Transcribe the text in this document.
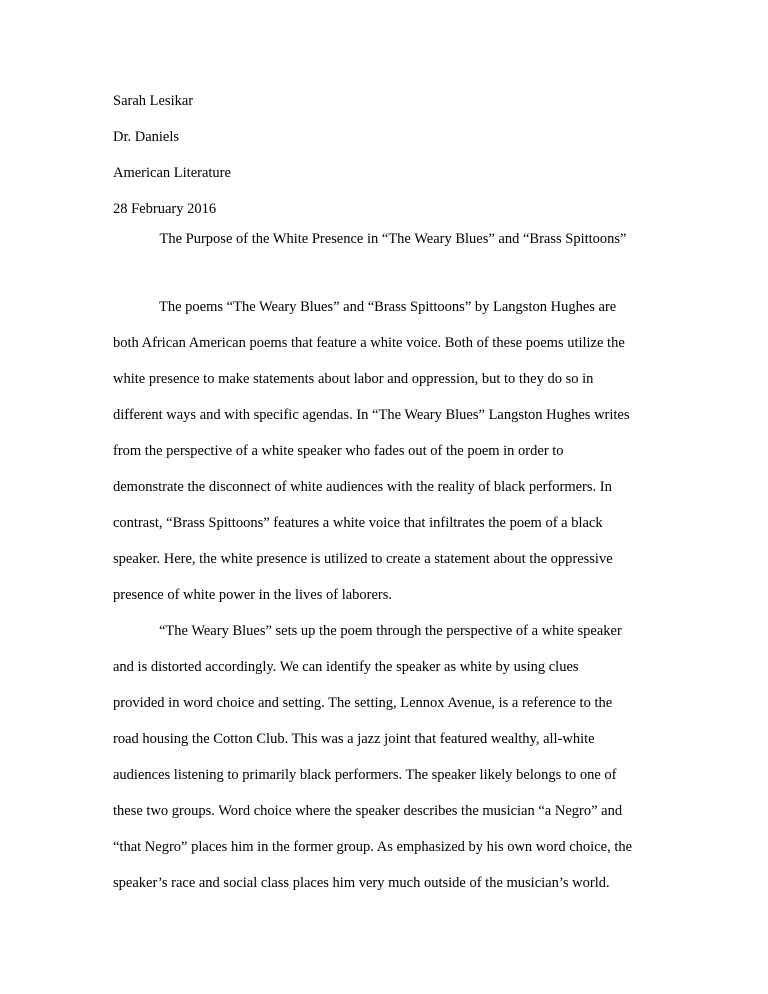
Sarah Lesikar
Dr. Daniels
American Literature
28 February 2016
The Purpose of the White Presence in “The Weary Blues” and “Brass Spittoons”

The poems “The Weary Blues” and “Brass Spittoons” by Langston Hughes are

both African American poems that feature a white voice. Both of these poems utilize the

white presence to make statements about labor and oppression, but to they do so in

different ways and with specific agendas. In “The Weary Blues” Langston Hughes writes

from the perspective of a white speaker who fades out of the poem in order to

demonstrate the disconnect of white audiences with the reality of black performers. In

contrast, “Brass Spittoons” features a white voice that infiltrates the poem of a black

speaker. Here, the white presence is utilized to create a statement about the oppressive

presence of white power in the lives of laborers.

“The Weary Blues” sets up the poem through the perspective of a white speaker

and is distorted accordingly. We can identify the speaker as white by using clues

provided in word choice and setting. The setting, Lennox Avenue, is a reference to the

road housing the Cotton Club. This was a jazz joint that featured wealthy, all-white

audiences listening to primarily black performers. The speaker likely belongs to one of

these two groups. Word choice where the speaker describes the musician “a Negro” and

“that Negro” places him in the former group. As emphasized by his own word choice, the

speaker’s race and social class places him very much outside of the musician’s world.
